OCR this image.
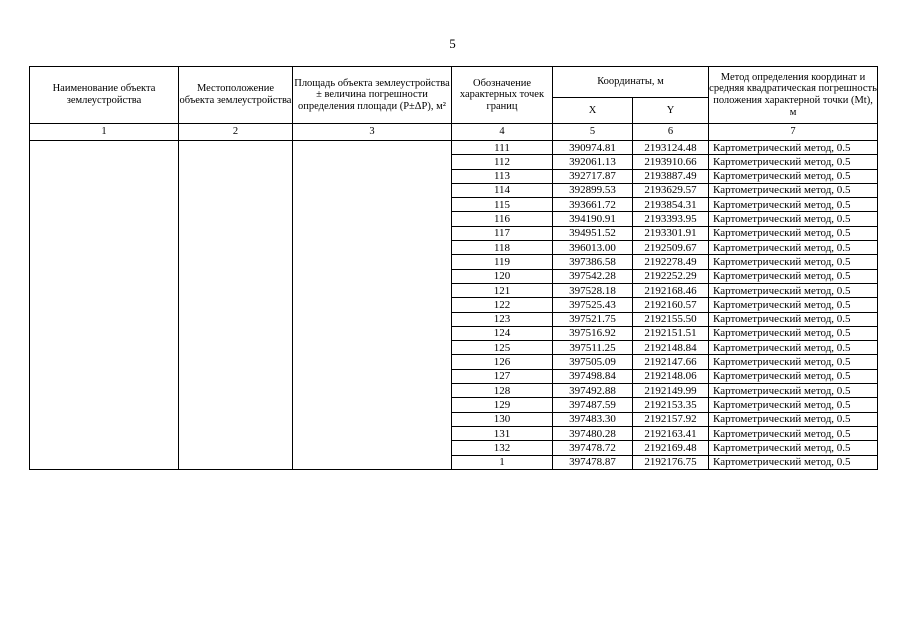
5
Наименование объекта землеустройства	Местоположение объекта землеустройства	Площадь объекта землеустройства ± величина погрешности определения площади (P±ΔP), м²	Обозначение характерных точек границ	Координаты, м		Метод определения координат и средняя квадратическая погрешность положения характерной точки (Mt), м
				X	Y	
1	2	3	4	5	6	7
			111	390974.81	2193124.48	Картометрический метод, 0.5
			112	392061.13	2193910.66	Картометрический метод, 0.5
			113	392717.87	2193887.49	Картометрический метод, 0.5
			114	392899.53	2193629.57	Картометрический метод, 0.5
			115	393661.72	2193854.31	Картометрический метод, 0.5
			116	394190.91	2193393.95	Картометрический метод, 0.5
			117	394951.52	2193301.91	Картометрический метод, 0.5
			118	396013.00	2192509.67	Картометрический метод, 0.5
			119	397386.58	2192278.49	Картометрический метод, 0.5
			120	397542.28	2192252.29	Картометрический метод, 0.5
			121	397528.18	2192168.46	Картометрический метод, 0.5
			122	397525.43	2192160.57	Картометрический метод, 0.5
			123	397521.75	2192155.50	Картометрический метод, 0.5
			124	397516.92	2192151.51	Картометрический метод, 0.5
			125	397511.25	2192148.84	Картометрический метод, 0.5
			126	397505.09	2192147.66	Картометрический метод, 0.5
			127	397498.84	2192148.06	Картометрический метод, 0.5
			128	397492.88	2192149.99	Картометрический метод, 0.5
			129	397487.59	2192153.35	Картометрический метод, 0.5
			130	397483.30	2192157.92	Картометрический метод, 0.5
			131	397480.28	2192163.41	Картометрический метод, 0.5
			132	397478.72	2192169.48	Картометрический метод, 0.5
			1	397478.87	2192176.75	Картометрический метод, 0.5
